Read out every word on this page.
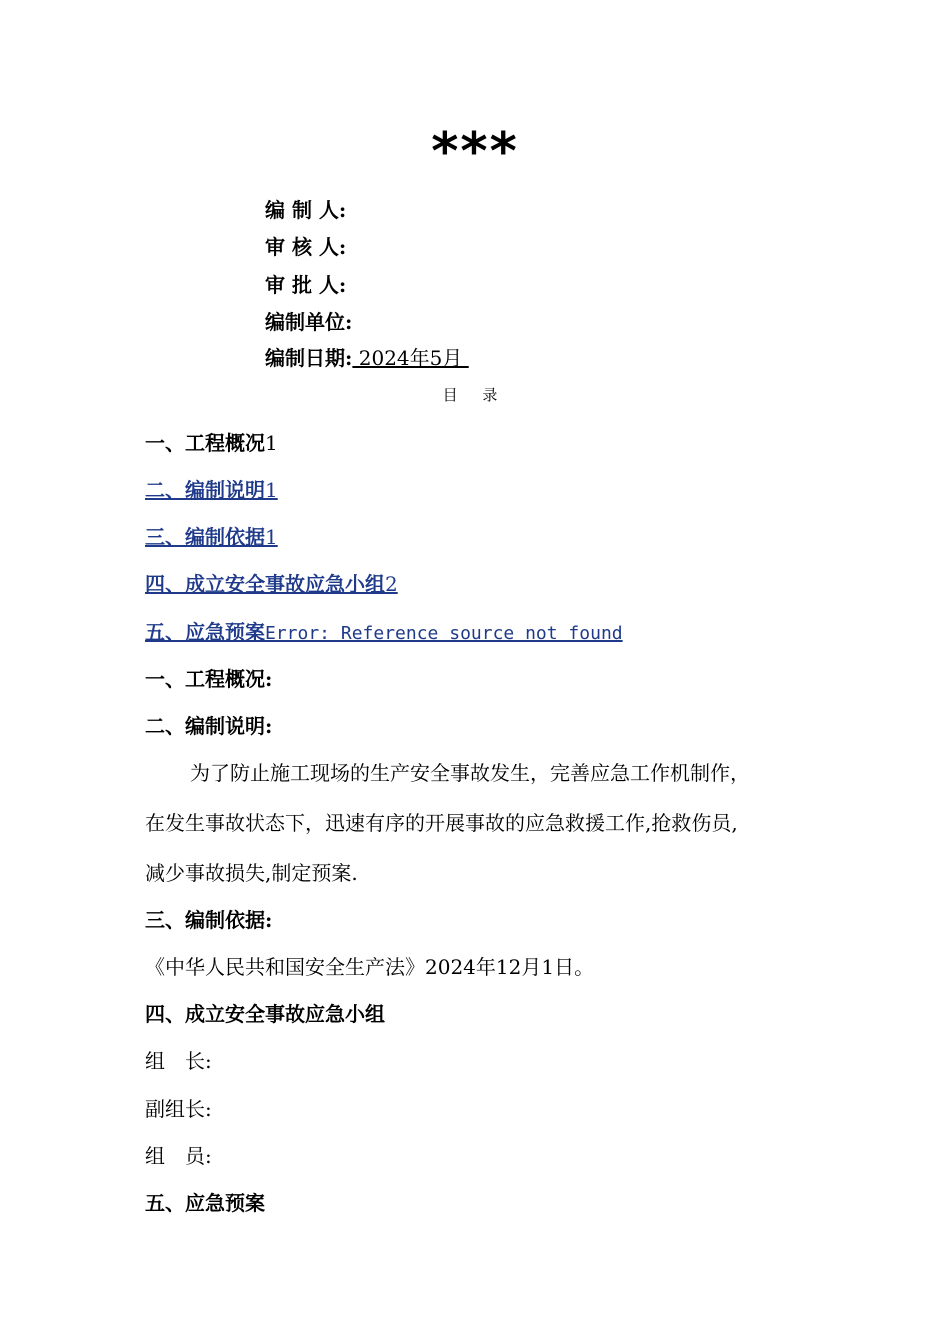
***
编 制 人:
审 核 人:
审 批 人:
编制单位:
编制日期: 2024年5月
目 录
一、工程概况1
二、编制说明1
三、编制依据1
四、成立安全事故应急小组2
五、应急预案Error: Reference source not found
一、工程概况:
二、编制说明:
为了防止施工现场的生产安全事故发生，完善应急工作机制作，
在发生事故状态下，迅速有序的开展事故的应急救援工作,抢救伤员,
减少事故损失,制定预案.
三、编制依据:
《中华人民共和国安全生产法》2024年12月1日。
四、成立安全事故应急小组
组　长:
副组长:
组　员:
五、应急预案
